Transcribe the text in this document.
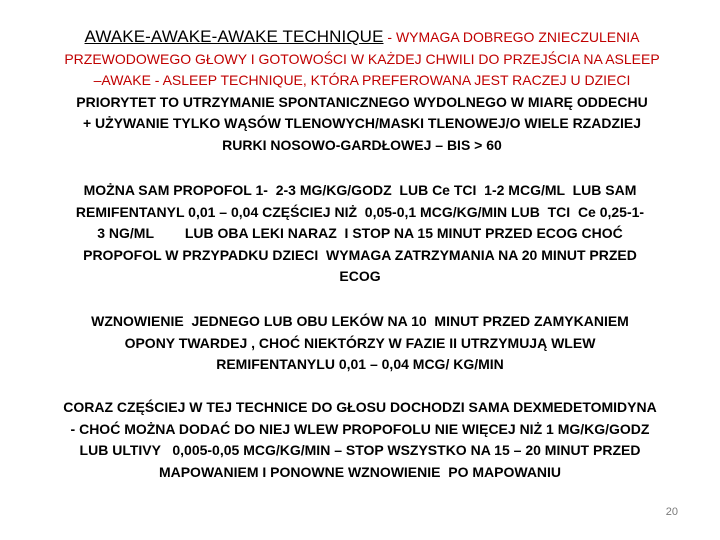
AWAKE-AWAKE-AWAKE TECHNIQUE - WYMAGA DOBREGO ZNIECZULENIA
PRZEWODOWEGO GŁOWY I GOTOWOŚCI W KAŻDEJ CHWILI DO PRZEJŚCIA NA ASLEEP
–AWAKE - ASLEEP TECHNIQUE, KTÓRA PREFEROWANA JEST RACZEJ U DZIECI
PRIORYTET TO UTRZYMANIE SPONTANICZNEGO WYDOLNEGO W MIARĘ ODDECHU
+ UŻYWANIE TYLKO WĄSÓW TLENOWYCH/MASKI TLENOWEJ/O WIELE RZADZIEJ
RURKI NOSOWO-GARDŁOWEJ – BIS > 60
MOŻNA SAM PROPOFOL 1-  2-3 MG/KG/GODZ  LUB Ce TCI  1-2 MCG/ML  LUB SAM
REMIFENTANYL 0,01 – 0,04 CZĘŚCIEJ NIŻ  0,05-0,1 MCG/KG/MIN LUB  TCI  Ce 0,25-1-
3 NG/ML        LUB OBA LEKI NARAZ  I STOP NA 15 MINUT PRZED ECOG CHOĆ
PROPOFOL W PRZYPADKU DZIECI  WYMAGA ZATRZYMANIA NA 20 MINUT PRZED
ECOG
WZNOWIENIE  JEDNEGO LUB OBU LEKÓW NA 10  MINUT PRZED ZAMYKANIEM
OPONY TWARDEJ , CHOĆ NIEKTÓRZY W FAZIE II UTRZYMUJĄ WLEW
REMIFENTANYLU 0,01 – 0,04 MCG/ KG/MIN
CORAZ CZĘŚCIEJ W TEJ TECHNICE DO GŁOSU DOCHODZI SAMA DEXMEDETOMIDYNA
- CHOĆ MOŻNA DODAĆ DO NIEJ WLEW PROPOFOLU NIE WIĘCEJ NIŻ 1 MG/KG/GODZ
LUB ULTIVY   0,005-0,05 MCG/KG/MIN – STOP WSZYSTKO NA 15 – 20 MINUT PRZED
MAPOWANIEM I PONOWNE WZNOWIENIE  PO MAPOWANIU
20
